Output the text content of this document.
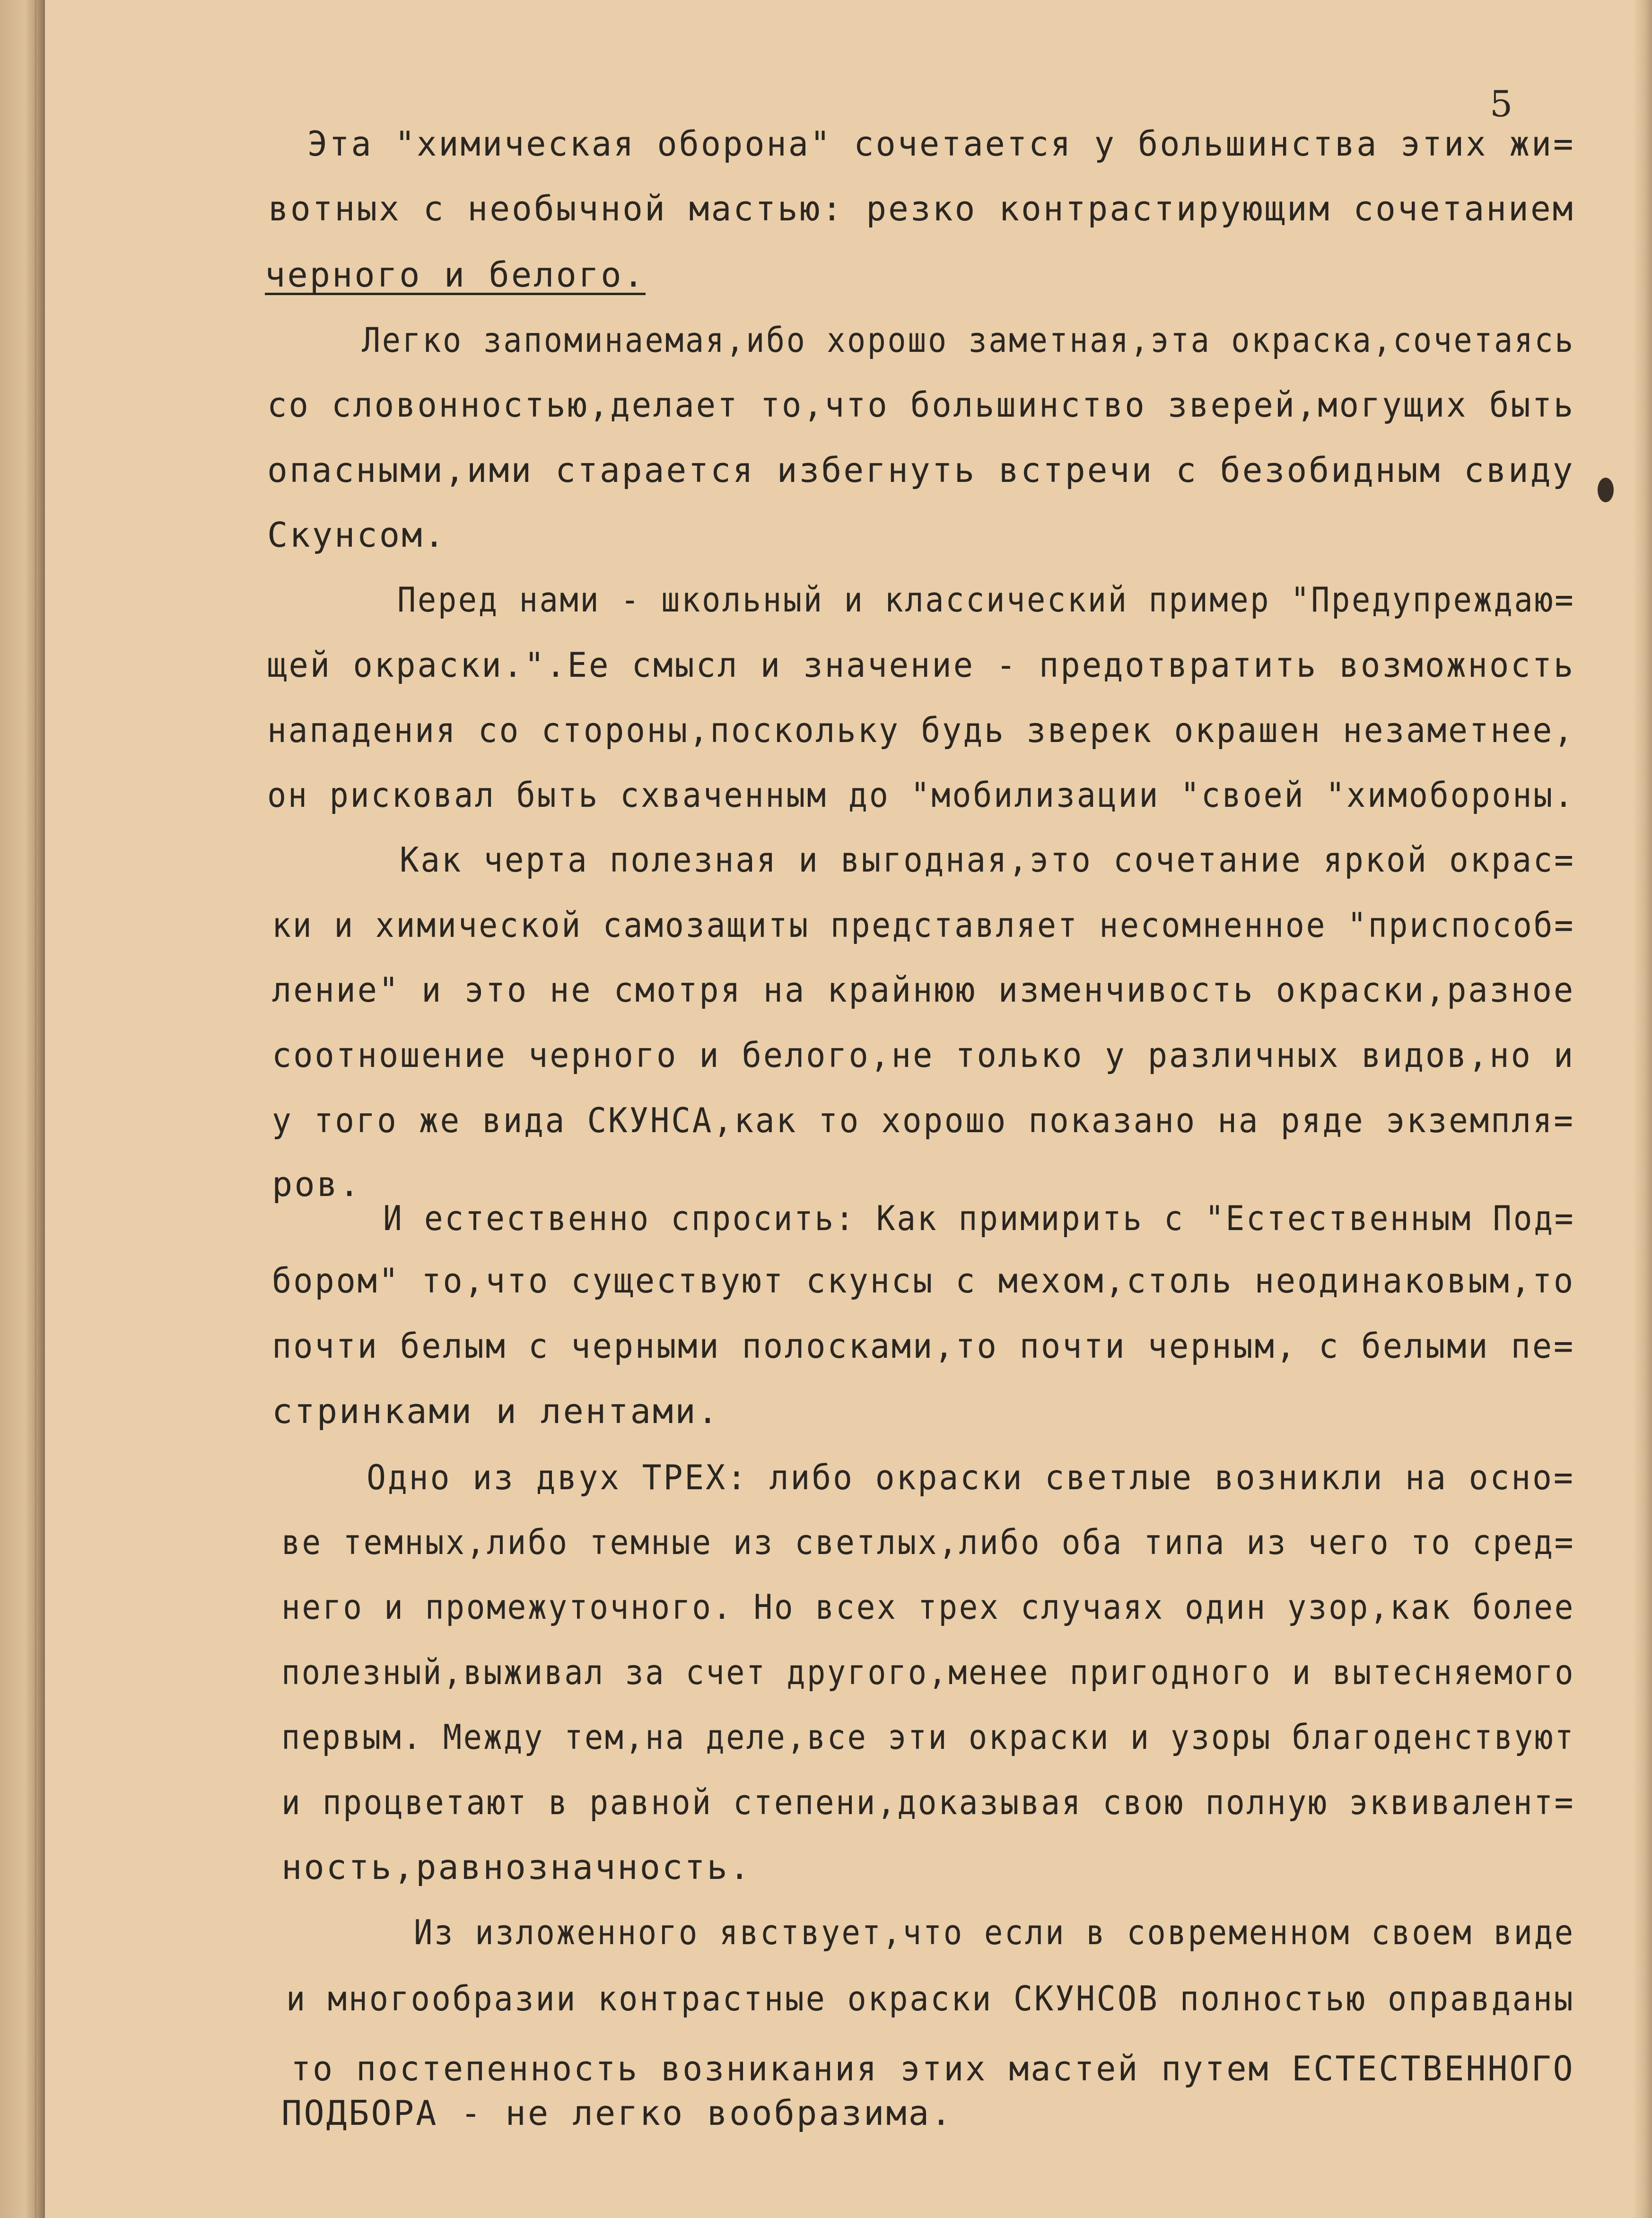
5
Эта "химическая оборона" сочетается у большинства этих жи=
вотных с необычной мастью: резко контрастирующим сочетанием
черного и белого.
Легко запоминаемая,ибо хорошо заметная,эта окраска,сочетаясь
со словонностью,делает то,что большинство зверей,могущих быть
опасными,ими старается избегнуть встречи с безобидным свиду
Скунсом.
Перед нами - школьный и классический пример "Предупреждаю=
щей окраски.".Ее смысл и значение - предотвратить возможность
нападения со стороны,поскольку будь зверек окрашен незаметнее,
он рисковал быть схваченным до "мобилизации "своей "химобороны.
Как черта полезная и выгодная,это сочетание яркой окрас=
ки и химической самозащиты представляет несомненное "приспособ=
ление" и это не смотря на крайнюю изменчивость окраски,разное
соотношение черного и белого,не только у различных видов,но и
у того же вида СКУНСА,как то хорошо показано на ряде экземпля=
ров.
И естественно спросить: Как примирить с "Естественным Под=
бором" то,что существуют скунсы с мехом,столь неодинаковым,то
почти белым с черными полосками,то почти черным, с белыми пе=
стринками и лентами.
Одно из двух ТРЕХ: либо окраски светлые возникли на осно=
ве темных,либо темные из светлых,либо оба типа из чего то сред=
него и промежуточного. Но всех трех случаях один узор,как более
полезный,выживал за счет другого,менее пригодного и вытесняемого
первым. Между тем,на деле,все эти окраски и узоры благоденствуют
и процветают в равной степени,доказывая свою полную эквивалент=
ность,равнозначность.
Из изложенного явствует,что если в современном своем виде
и многообразии контрастные окраски СКУНСОВ полностью оправданы
то постепенность возникания этих мастей путем ЕСТЕСТВЕННОГО
ПОДБОРА - не легко вообразима.
